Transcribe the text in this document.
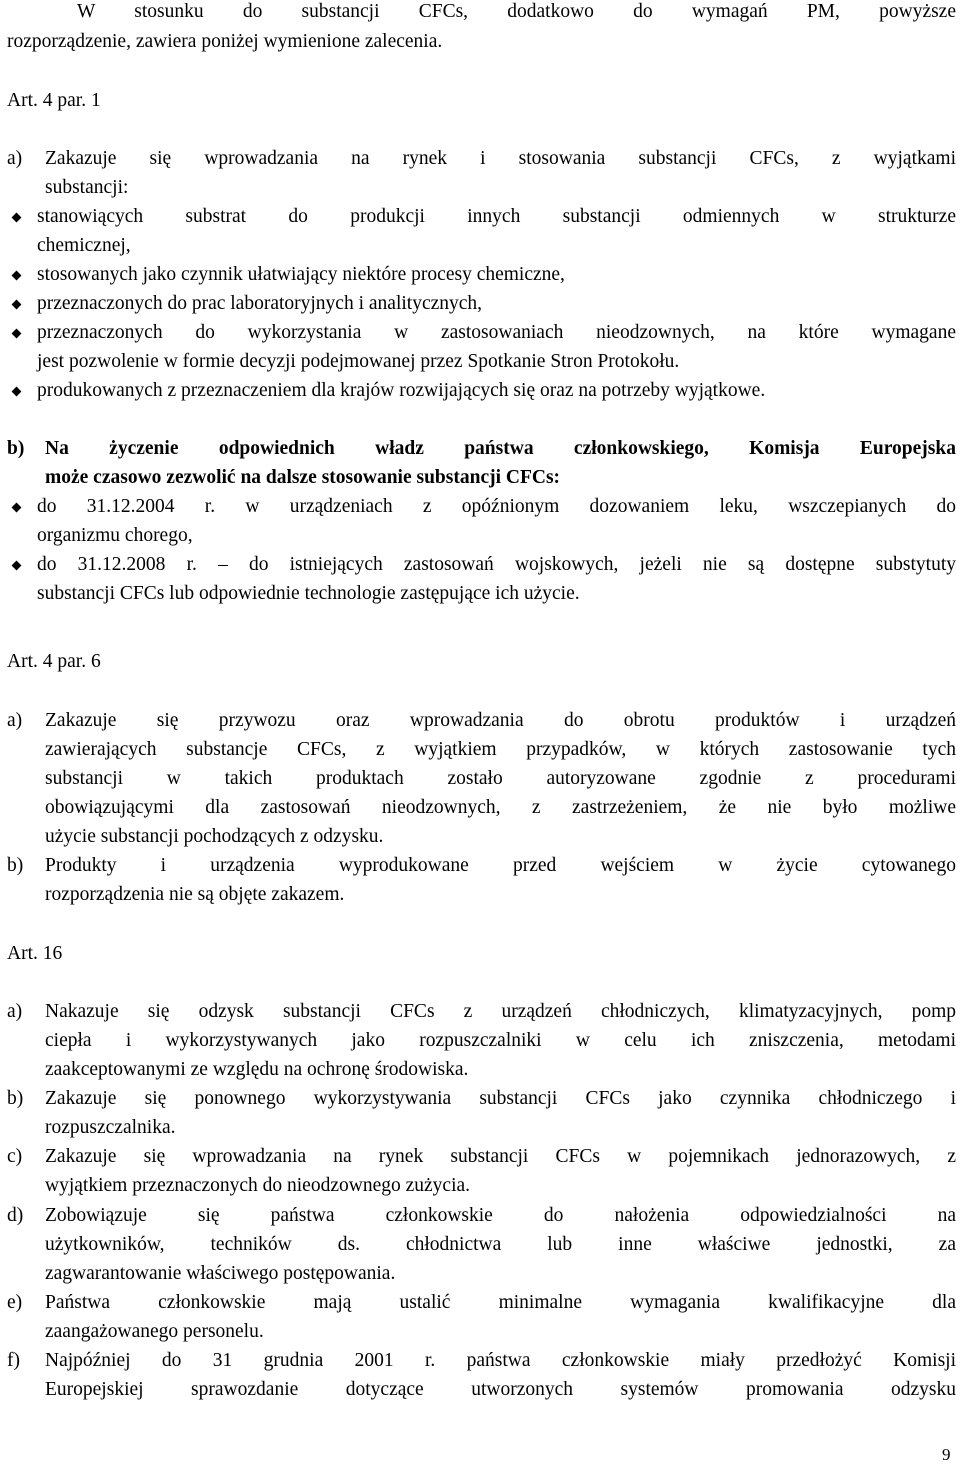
W stosunku do substancji CFCs, dodatkowo do wymagań PM, powyższe
rozporządzenie, zawiera poniżej wymienione zalecenia.
Art. 4 par. 1
a) Zakazuje się wprowadzania na rynek i stosowania substancji CFCs, z wyjątkami
substancji:
stanowiących substrat do produkcji innych substancji odmiennych w strukturze
chemicznej,
stosowanych jako czynnik ułatwiający niektóre procesy chemiczne,
przeznaczonych do prac laboratoryjnych i analitycznych,
przeznaczonych do wykorzystania w zastosowaniach nieodzownych, na które wymagane
jest pozwolenie w formie decyzji podejmowanej przez Spotkanie Stron Protokołu.
produkowanych z przeznaczeniem dla krajów rozwijających się oraz na potrzeby wyjątkowe.
b) Na życzenie odpowiednich władz państwa członkowskiego, Komisja Europejska
może czasowo zezwolić na dalsze stosowanie substancji CFCs:
do 31.12.2004 r. w urządzeniach z opóźnionym dozowaniem leku, wszczepianych do
organizmu chorego,
do 31.12.2008 r. – do istniejących zastosowań wojskowych, jeżeli nie są dostępne substytuty
substancji CFCs lub odpowiednie technologie zastępujące ich użycie.
Art. 4 par. 6
a) Zakazuje się przywozu oraz wprowadzania do obrotu produktów i urządzeń
zawierających substancje CFCs, z wyjątkiem przypadków, w których zastosowanie tych
substancji w takich produktach zostało autoryzowane zgodnie z procedurami
obowiązującymi dla zastosowań nieodzownych, z zastrzeżeniem, że nie było możliwe
użycie substancji pochodzących z odzysku.
b) Produkty i urządzenia wyprodukowane przed wejściem w życie cytowanego
rozporządzenia nie są objęte zakazem.
Art. 16
a) Nakazuje się odzysk substancji CFCs z urządzeń chłodniczych, klimatyzacyjnych, pomp
ciepła i wykorzystywanych jako rozpuszczalniki w celu ich zniszczenia, metodami
zaakceptowanymi ze względu na ochronę środowiska.
b) Zakazuje się ponownego wykorzystywania substancji CFCs jako czynnika chłodniczego i
rozpuszczalnika.
c) Zakazuje się wprowadzania na rynek substancji CFCs w pojemnikach jednorazowych, z
wyjątkiem przeznaczonych do nieodzownego zużycia.
d) Zobowiązuje się państwa członkowskie do nałożenia odpowiedzialności na
użytkowników, techników ds. chłodnictwa lub inne właściwe jednostki, za
zagwarantowanie właściwego postępowania.
e) Państwa członkowskie mają ustalić minimalne wymagania kwalifikacyjne dla
zaangażowanego personelu.
f) Najpóźniej do 31 grudnia 2001 r. państwa członkowskie miały przedłożyć Komisji
Europejskiej sprawozdanie dotyczące utworzonych systemów promowania odzysku
9
